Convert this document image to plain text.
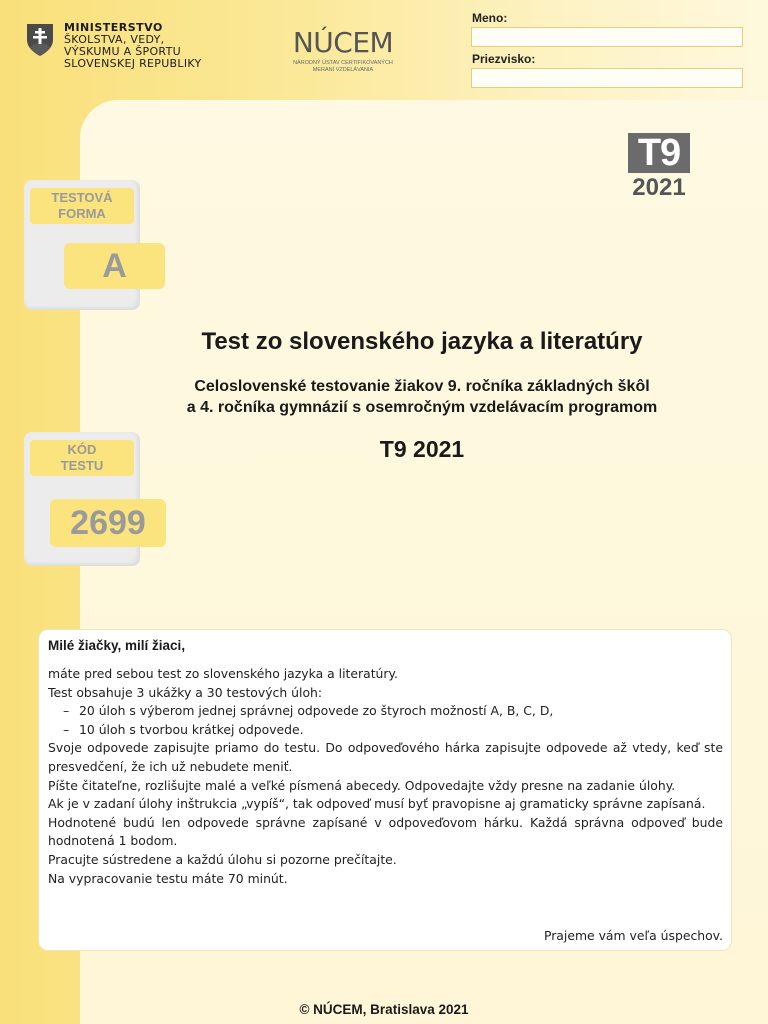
MINISTERSTVO
ŠKOLSTVA, VEDY,
VÝSKUMU A ŠPORTU
SLOVENSKEJ REPUBLIKY
NÚCEM
NÁRODNÝ ÚSTAV CERTIFIKOVANÝCH
MERANÍ VZDELÁVANIA
Meno:
Priezvisko:
T9
2021
TESTOVÁ
FORMA
A
KÓD
TESTU
2699
Test zo slovenského jazyka a literatúry
Celoslovenské testovanie žiakov 9. ročníka základných škôl
a 4. ročníka gymnázií s osemročným vzdelávacím programom
T9 2021
Milé žiačky, milí žiaci,
máte pred sebou test zo slovenského jazyka a literatúry.
Test obsahuje 3 ukážky a 30 testových úloh:
– 20 úloh s výberom jednej správnej odpovede zo štyroch možností A, B, C, D,
– 10 úloh s tvorbou krátkej odpovede.
Svoje odpovede zapisujte priamo do testu. Do odpoveďového hárka zapisujte odpovede až vtedy, keď ste presvedčení, že ich už nebudete meniť.
Píšte čitateľne, rozlišujte malé a veľké písmená abecedy. Odpovedajte vždy presne na zadanie úlohy.
Ak je v zadaní úlohy inštrukcia „vypíš“, tak odpoveď musí byť pravopisne aj gramaticky správne zapísaná.
Hodnotené budú len odpovede správne zapísané v odpoveďovom hárku. Každá správna odpoveď bude hodnotená 1 bodom.
Pracujte sústredene a každú úlohu si pozorne prečítajte.
Na vypracovanie testu máte 70 minút.
Prajeme vám veľa úspechov.
© NÚCEM, Bratislava 2021
